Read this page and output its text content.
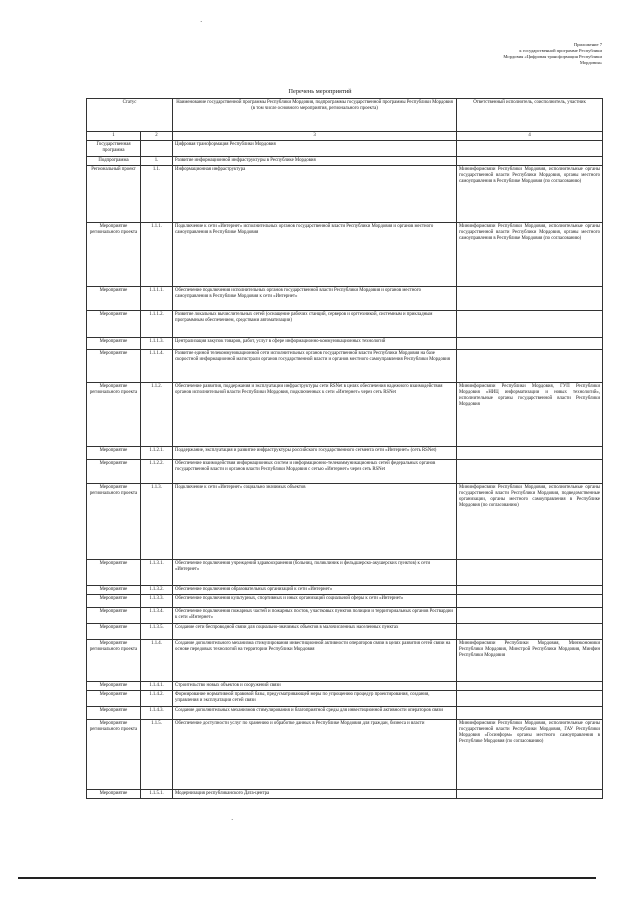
·
Приложение 7
к государственной программе Республики
Мордовия «Цифровая трансформация Республики
Мордовия»
Перечень мероприятий
Статус		Наименование государственной программы Республики Мордовия, подпрограммы государственной программы Республики Мордовия (в том числе основного мероприятия, регионального проекта)	Ответственный исполнитель, соисполнитель, участник
1	2	3	4
Государственная программа		Цифровая трансформация Республики Мордовия	
Подпрограмма	1.	Развитие информационной инфраструктуры в Республике Мордовия	
Региональный проект	1.1.	Информационная инфраструктура	Мининформсвязи Республики Мордовия, исполнительные органы государственной власти Республики Мордовия, органы местного самоуправления в Республике Мордовия (по согласованию)
Мероприятие регионального проекта	1.1.1.	Подключение к сети «Интернет» исполнительных органов государственной власти Республики Мордовия и органов местного самоуправления в Республике Мордовия	Мининформсвязи Республики Мордовия, исполнительные органы государственной власти Республики Мордовия, органы местного самоуправления в Республике Мордовия (по согласованию)
Мероприятие	1.1.1.1.	Обеспечение подключения исполнительных органов государственной власти Республики Мордовия и органов местного самоуправления в Республике Мордовия к сети «Интернет»	
Мероприятие	1.1.1.2.	Развитие локальных вычислительных сетей (оснащение рабочих станций, серверов и оргтехникой, системным и прикладным программным обеспечением, средствами автоматизации)	
Мероприятие	1.1.1.3.	Централизация закупок товаров, работ, услуг в сфере информационно-коммуникационных технологий	
Мероприятие	1.1.1.4.	Развитие единой телекоммуникационной сети исполнительных органов государственной власти Республики Мордовия на базе скоростной информационной магистрали органов государственной власти и органов местного самоуправления Республики Мордовия	
Мероприятие регионального проекта	1.1.2.	Обеспечение развития, поддержания и эксплуатации инфраструктуры сети RSNet в целях обеспечения надежного взаимодействия органов исполнительной власти Республики Мордовия, подключенных к сети «Интернет» через сеть RSNet	Мининформсвязи Республики Мордовия, ГУП Республики Мордовия «НИЦ информатизации и новых технологий», исполнительные органы государственной власти Республики Мордовия
Мероприятие	1.1.2.1.	Поддержание, эксплуатация и развитие инфраструктуры российского государственного сегмента сети «Интернет» (сеть RSNet)	
Мероприятие	1.1.2.2.	Обеспечение взаимодействия информационных систем и информационно-телекоммуникационных сетей федеральных органов государственной власти и органов власти Республики Мордовия с сетью «Интернет» через сеть RSNet	
Мероприятие регионального проекта	1.1.3.	Подключение к сети «Интернет» социально значимых объектов	Мининформсвязи Республики Мордовия, исполнительные органы государственной власти Республики Мордовия, подведомственные организации, органы местного самоуправления в Республике Мордовия (по согласованию)
Мероприятие	1.1.3.1.	Обеспечение подключения учреждений здравоохранения (больниц, поликлиник и фельдшерско-акушерских пунктов) к сети «Интернет»	
Мероприятие	1.1.3.2.	Обеспечение подключения образовательных организаций к сети «Интернет»	
Мероприятие	1.1.3.3.	Обеспечение подключения культурных, спортивных и иных организаций социальной сферы к сети «Интернет»	
Мероприятие	1.1.3.4.	Обеспечение подключения пожарных частей и пожарных постов, участковых пунктов полиции и территориальных органов Росгвардии к сети «Интернет»	
Мероприятие	1.1.3.5.	Создание сети беспроводной связи для социально-значимых объектов в малочисленных населенных пунктах	
Мероприятие регионального проекта	1.1.4.	Создание дополнительного механизма стимулирования инвестиционной активности операторов связи в целях развития сетей связи на основе передовых технологий на территории Республики Мордовия	Мининформсвязи Республики Мордовия, Минэкономики Республики Мордовия, Минстрой Республики Мордовия, Минфин Республики Мордовия
Мероприятие	1.1.4.1.	Строительство новых объектов и сооружений связи	
Мероприятие	1.1.4.2.	Формирование нормативной правовой базы, предусматривающей меры по упрощению процедур проектирования, создания, управления и эксплуатации сетей связи	
Мероприятие	1.1.4.3.	Создание дополнительных механизмов стимулирования и благоприятной среды для инвестиционной активности операторов связи	
Мероприятие регионального проекта	1.1.5.	Обеспечение доступности услуг по хранению и обработке данных в Республике Мордовия для граждан, бизнеса и власти	Мининформсвязи Республики Мордовия, исполнительные органы государственной власти Республики Мордовия, ГАУ Республики Мордовия «Госинформ» органы местного самоуправления в Республике Мордовия (по согласованию)
Мероприятие	1.1.5.1.	Модернизация республиканского Дата-центра	
·
